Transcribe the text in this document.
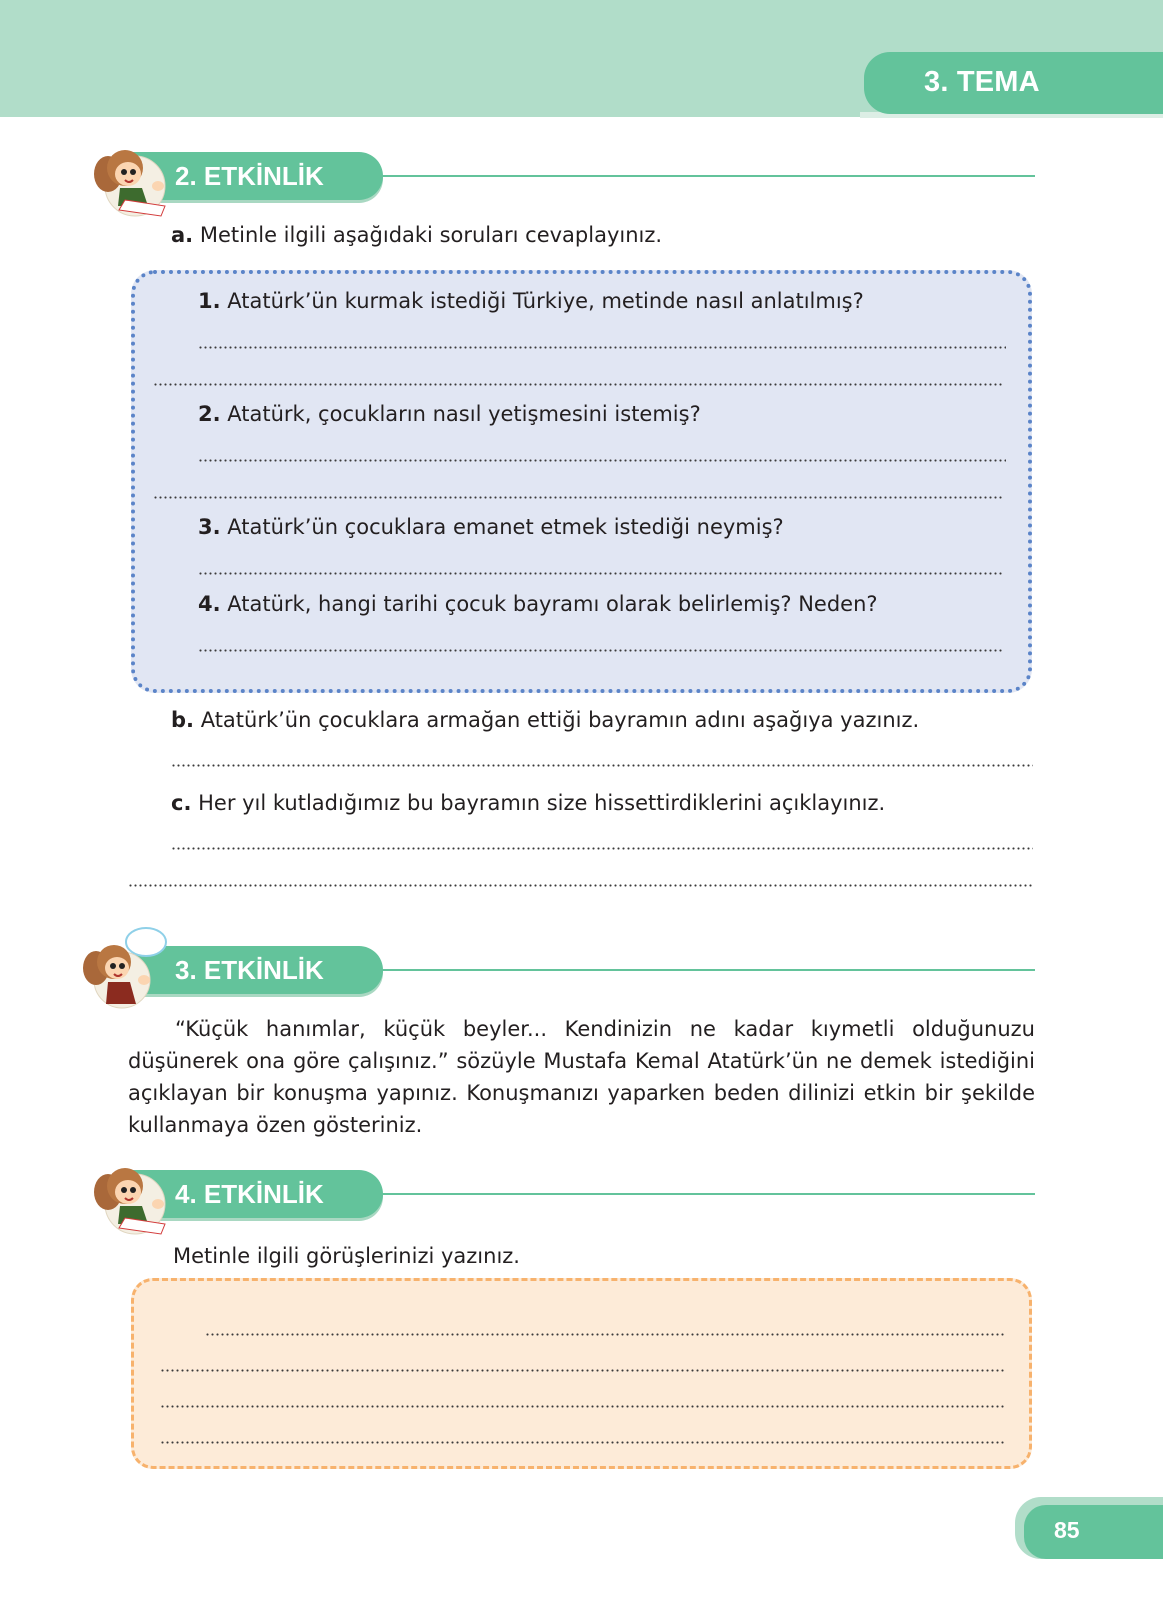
3. TEMA
2. ETKİNLİK
a. Metinle ilgili aşağıdaki soruları cevaplayınız.
1. Atatürk’ün kurmak istediği Türkiye, metinde nasıl anlatılmış?
2. Atatürk, çocukların nasıl yetişmesini istemiş?
3. Atatürk’ün çocuklara emanet etmek istediği neymiş?
4. Atatürk, hangi tarihi çocuk bayramı olarak belirlemiş? Neden?
b. Atatürk’ün çocuklara armağan ettiği bayramın adını aşağıya yazınız.
c. Her yıl kutladığımız bu bayramın size hissettirdiklerini açıklayınız.
3. ETKİNLİK

“Küçük hanımlar, küçük beyler... Kendinizin ne kadar kıymetli olduğunuzu düşünerek ona göre çalışınız.” sözüyle Mustafa Kemal Atatürk’ün ne demek istediğini açıklayan bir konuşma yapınız. Konuşmanızı yaparken beden dilinizi etkin bir şekilde kullanmaya özen gösteriniz.

4. ETKİNLİK
Metinle ilgili görüşlerinizi yazınız.
85
